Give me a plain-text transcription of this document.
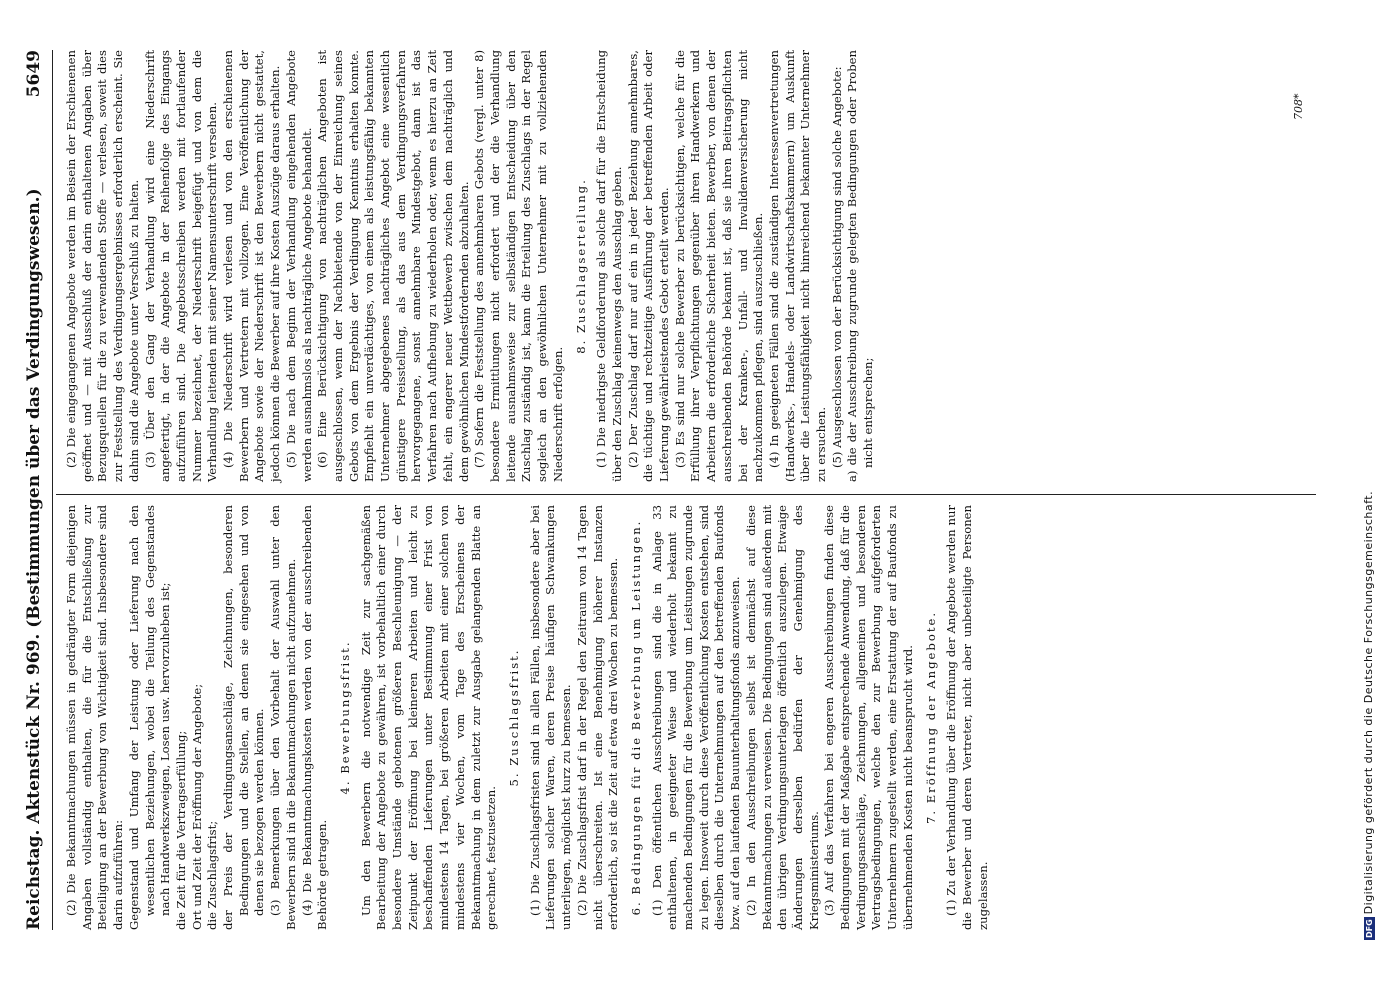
Reichstag. Aktenstück Nr. 969. (Bestimmungen über das Verdingungswesen.)
5649

(2) Die Bekanntmachungen müssen in gedrängter Form diejenigen Angaben vollständig enthalten, die für die Entschließung zur Beteiligung an der Bewerbung von Wichtigkeit sind. Insbesondere sind darin aufzuführen: Gegenstand und Umfang der Leistung oder Lieferung nach den wesentlichen Beziehungen, wobei die Teilung des Gegenstandes nach Handwerkszweigen, Losen usw. hervorzuheben ist; die Zeit für die Vertragserfüllung; Ort und Zeit der Eröffnung der Angebote; die Zuschlagsfrist; der Preis der Verdingungsanschläge, Zeichnungen, besonderen Bedingungen und die Stellen, an denen sie eingesehen und von denen sie bezogen werden können. (3) Bemerkungen über den Vorbehalt der Auswahl unter den Bewerbern sind in die Bekanntmachungen nicht aufzunehmen. (4) Die Bekanntmachungskosten werden von der ausschreibenden Behörde getragen.

4. Bewerbungsfrist. Um den Bewerbern die notwendige Zeit zur sachgemäßen Bearbeitung der Angebote zu gewähren, ist vorbehaltlich einer durch besondere Umstände gebotenen größeren Beschleunigung — der Zeitpunkt der Eröffnung bei kleineren Arbeiten und leicht zu beschaffenden Lieferungen unter Bestimmung einer Frist von mindestens 14 Tagen, bei größeren Arbeiten mit einer solchen von mindestens vier Wochen, vom Tage des Erscheinens der Bekanntmachung in dem zuletzt zur Ausgabe gelangenden Blatte an gerechnet, festzusetzen.

5. Zuschlagsfrist. (1) Die Zuschlagsfristen sind in allen Fällen, insbesondere aber bei Lieferungen solcher Waren, deren Preise häufigen Schwankungen unterliegen, möglichst kurz zu bemessen. (2) Die Zuschlagsfrist darf in der Regel den Zeitraum von 14 Tagen nicht überschreiten. Ist eine Benehmigung höherer Instanzen erforderlich, so ist die Zeit auf etwa drei Wochen zu bemessen. 6. Bedingungen für die Bewerbung um Leistungen. (1) Den öffentlichen Ausschreibungen sind die in Anlage 33 enthaltenen, in geeigneter Weise und wiederholt bekannt zu machenden Bedingungen für die Bewerbung um Leistungen zugrunde zu legen. Insoweit durch diese Veröffentlichung Kosten entstehen, sind dieselben durch die Unternehmungen auf den betreffenden Baufonds bzw. auf den laufenden Bauunterhaltungsfonds anzuweisen. (2) In den Ausschreibungen selbst ist demnächst auf diese Bekanntmachungen zu verweisen. Die Bedingungen sind außerdem mit den übrigen Verdingungsunterlagen öffentlich auszulegen. Etwaige Änderungen derselben bedürfen der Genehmigung des Kriegsministeriums. (3) Auf das Verfahren bei engeren Ausschreibungen finden diese Bedingungen mit der Maßgabe entsprechende Anwendung, daß für die Verdingungsanschläge, Zeichnungen, allgemeinen und besonderen Vertragsbedingungen, welche den zur Bewerbung aufgeforderten Unternehmern zugestellt werden, eine Erstattung der auf Baufonds zu übernehmenden Kosten nicht beansprucht wird. 7. Eröffnung der Angebote. (1) Zu der Verhandlung über die Eröffnung der Angebote werden nur die Bewerber und deren Vertreter, nicht aber unbeteiligte Personen zugelassen.

(2) Die eingegangenen Angebote werden im Beisein der Erschienenen geöffnet und — mit Ausschluß der darin enthaltenen Angaben über Bezugsquellen für die zu verwendenden Stoffe — verlesen, soweit dies zur Feststellung des Verdingungsergebnisses erforderlich erscheint. Sie dahin sind die Angebote unter Verschluß zu halten. (3) Über den Gang der Verhandlung wird eine Niederschrift angefertigt, in der die Angebote in der Reihenfolge des Eingangs aufzuführen sind. Die Angebotsschreiben werden mit fortlaufender Nummer bezeichnet, der Niederschrift beigefügt und von dem die Verhandlung leitenden mit seiner Namensunterschrift versehen. (4) Die Niederschrift wird verlesen und von den erschienenen Bewerbern und Vertretern mit vollzogen. Eine Veröffentlichung der Angebote sowie der Niederschrift ist den Bewerbern nicht gestattet, jedoch können die Bewerber auf ihre Kosten Auszüge daraus erhalten. (5) Die nach dem Beginn der Verhandlung eingehenden Angebote werden ausnahmslos als nachträgliche Angebote behandelt. (6) Eine Berücksichtigung von nachträglichen Angeboten ist ausgeschlossen, wenn der Nachbietende von der Einreichung seines Gebots von dem Ergebnis der Verdingung Kenntnis erhalten konnte. Empfiehlt ein unverdächtiges, von einem als leistungsfähig bekannten Unternehmer abgegebenes nachträgliches Angebot eine wesentlich günstigere Preisstellung, als das aus dem Verdingungsverfahren hervorgegangene, sonst annehmbare Mindestgebot, dann ist das Verfahren nach Aufhebung zu wiederholen oder, wenn es hierzu an Zeit fehlt, ein engerer neuer Wettbewerb zwischen dem nachträglich und dem gewöhnlichen Mindestfordernden abzuhalten. (7) Sofern die Feststellung des annehmbaren Gebots (vergl. unter 8) besondere Ermittlungen nicht erfordert und der die Verhandlung leitende ausnahmsweise zur selbständigen Entscheidung über den Zuschlag zuständig ist, kann die Erteilung des Zuschlags in der Regel sogleich an den gewöhnlichen Unternehmer mit zu vollziehenden Niederschrift erfolgen.

8. Zuschlagserteilung. (1) Die niedrigste Geldforderung als solche darf für die Entscheidung über den Zuschlag keinenwegs den Ausschlag geben. (2) Der Zuschlag darf nur auf ein in jeder Beziehung annehmbares, die tüchtige und rechtzeitige Ausführung der betreffenden Arbeit oder Lieferung gewährleistendes Gebot erteilt werden. (3) Es sind nur solche Bewerber zu berücksichtigen, welche für die Erfüllung ihrer Verpflichtungen gegenüber ihren Handwerkern und Arbeitern die erforderliche Sicherheit bieten. Bewerber, von denen der ausschreibenden Behörde bekannt ist, daß sie ihren Beitragspflichten bei der Kranken-, Unfall- und Invalidenversicherung nicht nachzukommen pflegen, sind auszuschließen. (4) In geeigneten Fällen sind die zuständigen Interessenvertretungen (Handwerks-, Handels- oder Landwirtschaftskammern) um Auskunft über die Leistungsfähigkeit nicht hinreichend bekannter Unternehmer zu ersuchen. (5) Ausgeschlossen von der Berücksichtigung sind solche Angebote: a) die der Ausschreibung zugrunde gelegten Bedingungen oder Proben nicht entsprechen;

708*
DFGDigitalisierung gefördert durch die Deutsche Forschungsgemeinschaft.
